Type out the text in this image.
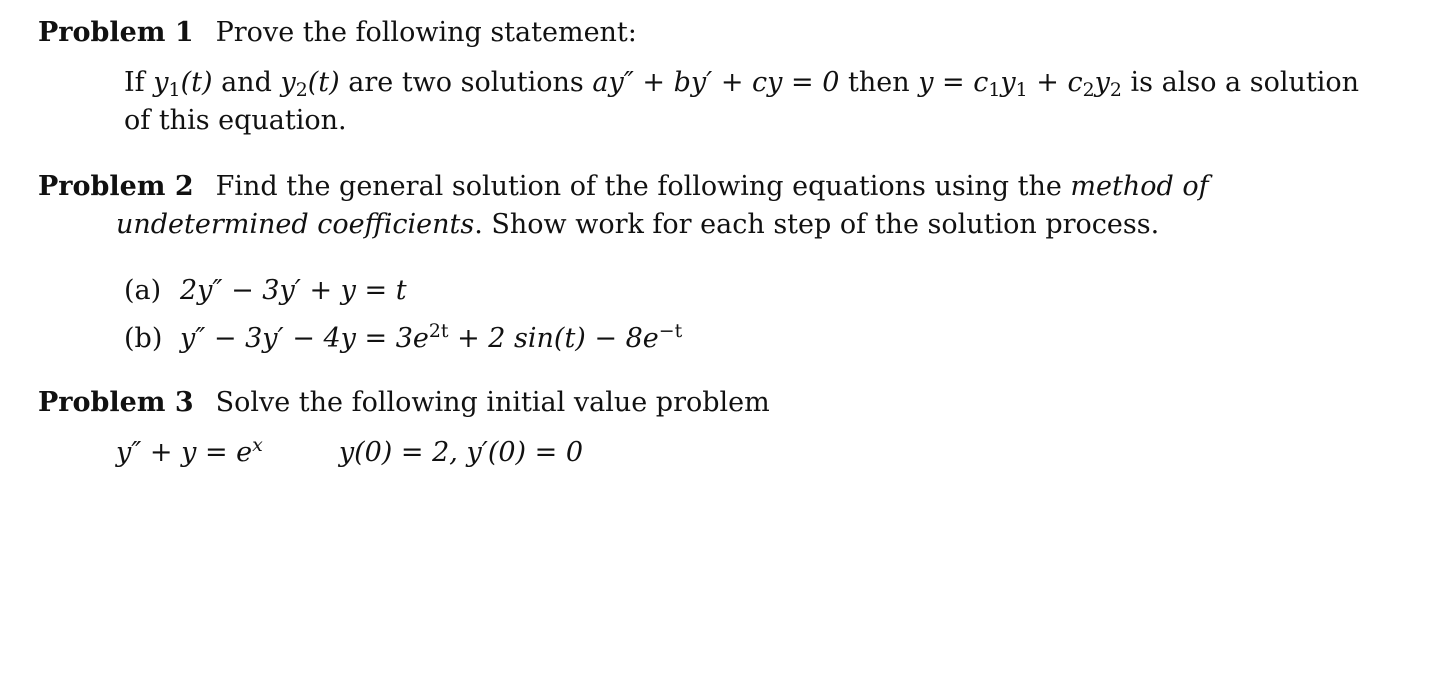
Problem 1 Prove the following statement:
If $y_1(t)$ and $y_2(t)$ are two solutions ay″ + by′ + cy = 0 then $y = c_1y_1 + c_2y_2$ is also a solution of this equation.
Problem 2 Find the general solution of the following equations using the method of undetermined coefficients. Show work for each step of the solution process.
(a) 2y″ − 3y′ + y = t
(b) $y'' - 3y' - 4y = 3e^{2t} + 2$ $\sin(t) - 8e^{-t}$
Problem 3 Solve the following initial value problem
$y'' + y = e^x$	y(0) = 2, y′(0) = 0
